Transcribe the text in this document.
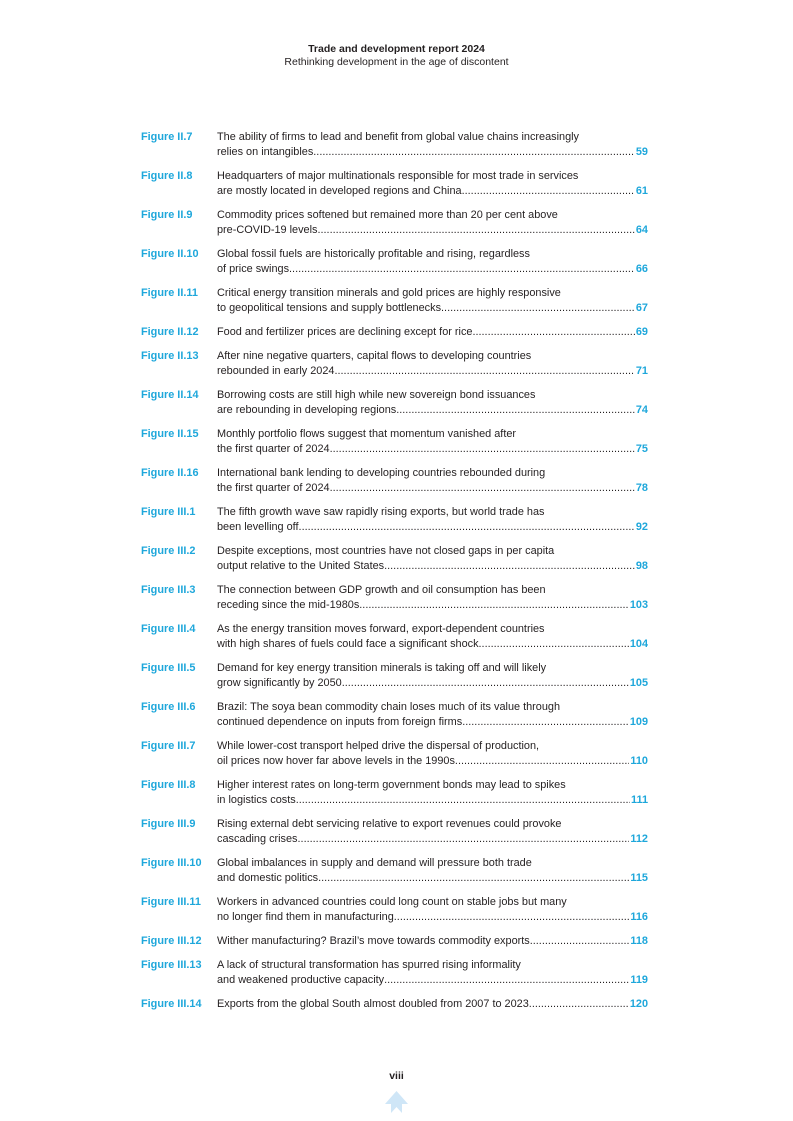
Trade and development report 2024
Rethinking development in the age of discontent
Figure II.7 The ability of firms to lead and benefit from global value chains increasingly
relies on intangibles .....	59
Figure II.8 Headquarters of major multinationals responsible for most trade in services
are mostly located in developed regions and China .....	61
Figure II.9 Commodity prices softened but remained more than 20 per cent above
pre-COVID-19 levels .....	64
Figure II.10 Global fossil fuels are historically profitable and rising, regardless
of price swings .....	66
Figure II.11 Critical energy transition minerals and gold prices are highly responsive
to geopolitical tensions and supply bottlenecks .....	67
Figure II.12 Food and fertilizer prices are declining except for rice .....	69
Figure II.13 After nine negative quarters, capital flows to developing countries
rebounded in early 2024 .....	71
Figure II.14 Borrowing costs are still high while new sovereign bond issuances
are rebounding in developing regions .....	74
Figure II.15 Monthly portfolio flows suggest that momentum vanished after
the first quarter of 2024 .....	75
Figure II.16 International bank lending to developing countries rebounded during
the first quarter of 2024 .....	78
Figure III.1 The fifth growth wave saw rapidly rising exports, but world trade has
been levelling off .....	92
Figure III.2 Despite exceptions, most countries have not closed gaps in per capita
output relative to the United States .....	98
Figure III.3 The connection between GDP growth and oil consumption has been
receding since the mid-1980s .....	103
Figure III.4 As the energy transition moves forward, export-dependent countries
with high shares of fuels could face a significant shock .....	104
Figure III.5 Demand for key energy transition minerals is taking off and will likely
grow significantly by 2050 .....	105
Figure III.6 Brazil: The soya bean commodity chain loses much of its value through
continued dependence on inputs from foreign firms .....	109
Figure III.7 While lower-cost transport helped drive the dispersal of production,
oil prices now hover far above levels in the 1990s .....	110
Figure III.8 Higher interest rates on long-term government bonds may lead to spikes
in logistics costs .....	111
Figure III.9 Rising external debt servicing relative to export revenues could provoke
cascading crises .....	112
Figure III.10 Global imbalances in supply and demand will pressure both trade
and domestic politics .....	115
Figure III.11 Workers in advanced countries could long count on stable jobs but many
no longer find them in manufacturing .....	116
Figure III.12 Wither manufacturing? Brazil’s move towards commodity exports .....	118
Figure III.13 A lack of structural transformation has spurred rising informality
and weakened productive capacity .....	119
Figure III.14 Exports from the global South almost doubled from 2007 to 2023 .....	120
viii
